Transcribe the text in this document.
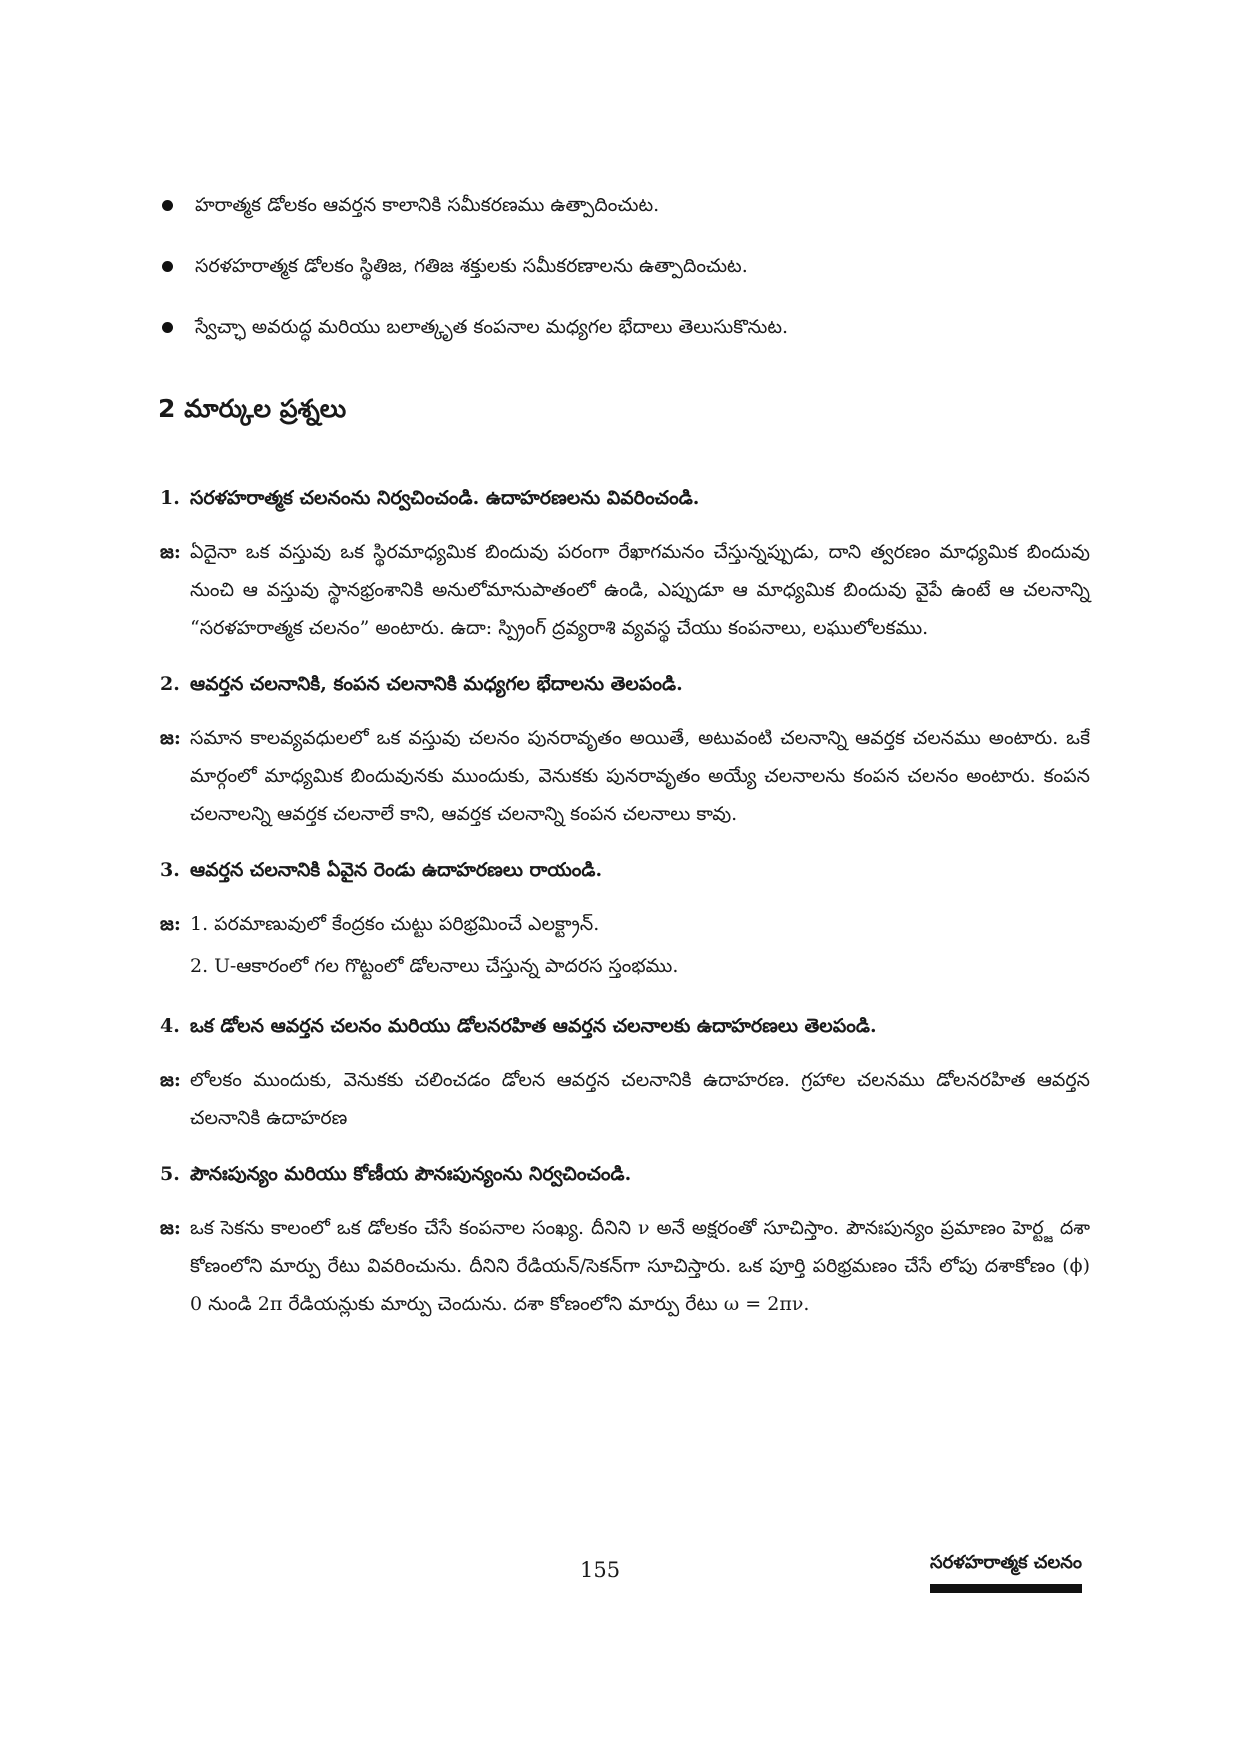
హరాత్మక డోలకం ఆవర్తన కాలానికి సమీకరణము ఉత్పాదించుట.
సరళహరాత్మక డోలకం స్థితిజ, గతిజ శక్తులకు సమీకరణాలను ఉత్పాదించుట.
స్వేచ్ఛా అవరుద్ధ మరియు బలాత్కృత కంపనాల మధ్యగల భేదాలు తెలుసుకొనుట.
2 మార్కుల ప్రశ్నలు
1. సరళహరాత్మక చలనంను నిర్వచించండి. ఉదాహరణలను వివరించండి.
జ: ఏదైనా ఒక వస్తువు ఒక స్థిరమాధ్యమిక బిందువు పరంగా రేఖాగమనం చేస్తున్నప్పుడు, దాని త్వరణం మాధ్యమిక బిందువు నుంచి ఆ వస్తువు స్థానభ్రంశానికి అనులోమానుపాతంలో ఉండి, ఎప్పుడూ ఆ మాధ్యమిక బిందువు వైపే ఉంటే ఆ చలనాన్ని “సరళహరాత్మక చలనం” అంటారు. ఉదా: స్ప్రింగ్ ద్రవ్యరాశి వ్యవస్థ చేయు కంపనాలు, లఘులోలకము.

2. ఆవర్తన చలనానికి, కంపన చలనానికి మధ్యగల భేదాలను తెలపండి.
జ: సమాన కాలవ్యవధులలో ఒక వస్తువు చలనం పునరావృతం అయితే, అటువంటి చలనాన్ని ఆవర్తక చలనము అంటారు. ఒకే మార్గంలో మాధ్యమిక బిందువునకు ముందుకు, వెనుకకు పునరావృతం అయ్యే చలనాలను కంపన చలనం అంటారు. కంపన చలనాలన్ని ఆవర్తక చలనాలే కాని, ఆవర్తక చలనాన్ని కంపన చలనాలు కావు.

3. ఆవర్తన చలనానికి ఏవైన రెండు ఉదాహరణలు రాయండి.
జ: 1. పరమాణువులో కేంద్రకం చుట్టు పరిభ్రమించే ఎలక్ట్రాన్.
2. U-ఆకారంలో గల గొట్టంలో డోలనాలు చేస్తున్న పాదరస స్తంభము.
4. ఒక డోలన ఆవర్తన చలనం మరియు డోలనరహిత ఆవర్తన చలనాలకు ఉదాహరణలు తెలపండి.
జ: లోలకం ముందుకు, వెనుకకు చలించడం డోలన ఆవర్తన చలనానికి ఉదాహరణ. గ్రహాల చలనము డోలనరహిత ఆవర్తన చలనానికి ఉదాహరణ

5. పౌనఃపున్యం మరియు కోణీయ పౌనఃపున్యంను నిర్వచించండి.
జ: ఒక సెకను కాలంలో ఒక డోలకం చేసే కంపనాల సంఖ్య. దీనిని ν అనే అక్షరంతో సూచిస్తాం. పౌనఃపున్యం ప్రమాణం హెర్ట్జ దశా కోణంలోని మార్పు రేటు వివరించును. దీనిని రేడియన్/సెకన్‌గా సూచిస్తారు. ఒక పూర్తి పరిభ్రమణం చేసే లోపు దశాకోణం (ϕ) 0 నుండి 2π రేడియన్లుకు మార్పు చెందును. దశా కోణంలోని మార్పు రేటు ω = 2πν.

155	సరళహరాత్మక చలనం
